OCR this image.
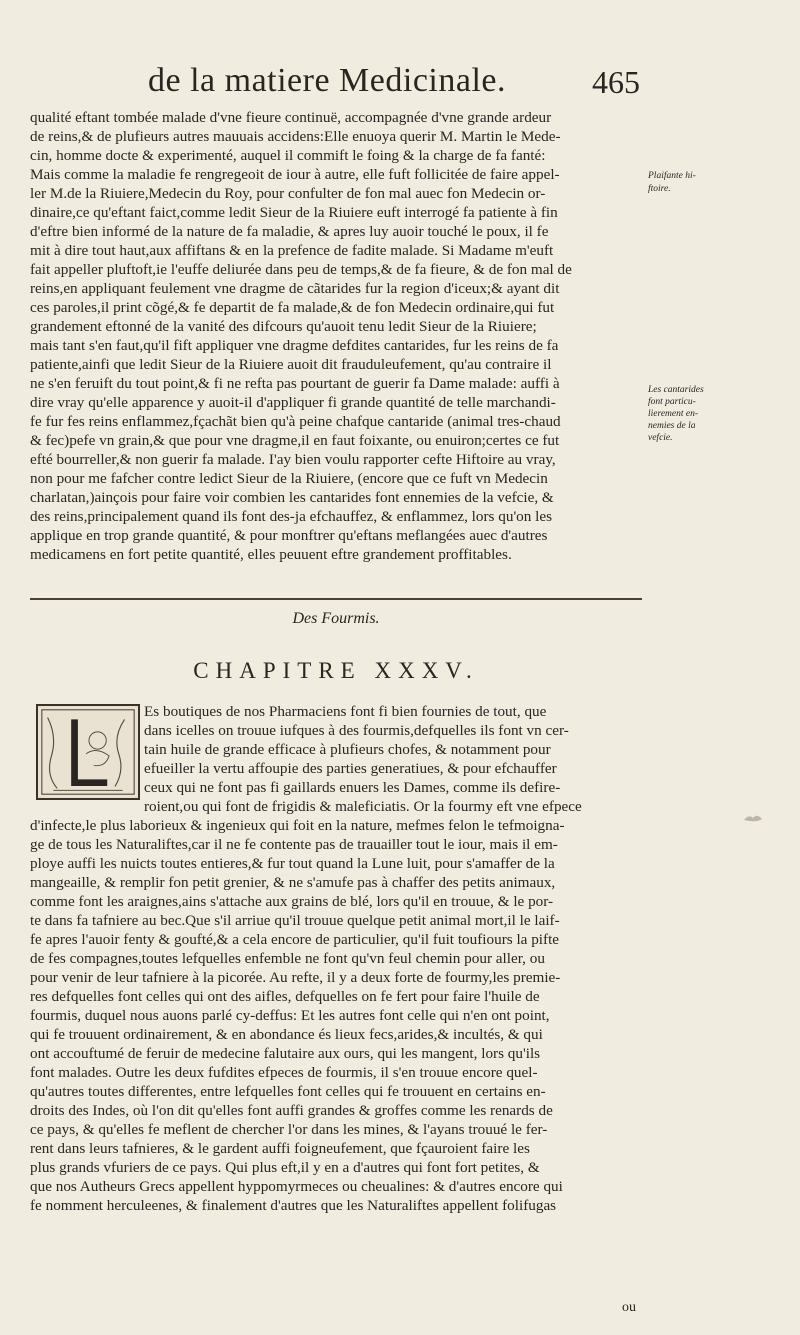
de la matiere Medicinale.	465
qualité eftant tombée malade d'vne fieure continuë, accompagnée d'vne grande ardeur
de reins,& de plufieurs autres mauuais accidens:Elle enuoya querir M. Martin le Mede-
cin, homme docte & experimenté, auquel il commift le foing & la charge de fa fanté:
Mais comme la maladie fe rengregeoit de iour à autre, elle fuft follicitée de faire appel-
ler M.de la Riuiere,Medecin du Roy, pour confulter de fon mal auec fon Medecin or-
dinaire,ce qu'eftant faict,comme ledit Sieur de la Riuiere euft interrogé fa patiente à fin
d'eftre bien informé de la nature de fa maladie, & apres luy auoir touché le poux, il fe
mit à dire tout haut,aux affiftans & en la prefence de fadite malade. Si Madame m'euft
fait appeller pluftoft,ie l'euffe deliurée dans peu de temps,& de fa fieure, & de fon mal de
reins,en appliquant feulement vne dragme de cãtarides fur la region d'iceux;& ayant dit
ces paroles,il print cõgé,& fe departit de fa malade,& de fon Medecin ordinaire,qui fut
grandement eftonné de la vanité des difcours qu'auoit tenu ledit Sieur de la Riuiere;
mais tant s'en faut,qu'il fift appliquer vne dragme defdites cantarides, fur les reins de fa
patiente,ainfi que ledit Sieur de la Riuiere auoit dit frauduleufement, qu'au contraire il
ne s'en feruift du tout point,& fi ne refta pas pourtant de guerir fa Dame malade: auffi à
dire vray qu'elle apparence y auoit-il d'appliquer fi grande quantité de telle marchandi-
fe fur fes reins enflammez,fçachãt bien qu'à peine chafque cantaride (animal tres-chaud
& fec)pefe vn grain,& que pour vne dragme,il en faut foixante, ou enuiron;certes ce fut
efté bourreller,& non guerir fa malade. I'ay bien voulu rapporter cefte Hiftoire au vray,
non pour me fafcher contre ledict Sieur de la Riuiere, (encore que ce fuft vn Medecin
charlatan,)ainçois pour faire voir combien les cantarides font ennemies de la vefcie, &
des reins,principalement quand ils font des-ja efchauffez, & enflammez, lors qu'on les
applique en trop grande quantité, & pour monftrer qu'eftans meflangées auec d'autres
medicamens en fort petite quantité, elles peuuent eftre grandement proffitables.
Plaifante hi-
ftoire.
Les cantarides
font particu-
lierement en-
nemies de la
vefcie.
Des Fourmis.
CHAPITRE XXXV.
Es boutiques de nos Pharmaciens font fi bien fournies de tout, que
dans icelles on trouue iufques à des fourmis,defquelles ils font vn cer-
tain huile de grande efficace à plufieurs chofes, & notamment pour
efueiller la vertu affoupie des parties generatiues, & pour efchauffer
ceux qui ne font pas fi gaillards enuers les Dames, comme ils defire-
roient,ou qui font de frigidis & maleficiatis. Or la fourmy eft vne efpece
d'infecte,le plus laborieux & ingenieux qui foit en la nature, mefmes felon le tefmoigna-
ge de tous les Naturaliftes,car il ne fe contente pas de trauailler tout le iour, mais il em-
ploye auffi les nuicts toutes entieres,& fur tout quand la Lune luit, pour s'amaffer de la
mangeaille, & remplir fon petit grenier, & ne s'amufe pas à chaffer des petits animaux,
comme font les araignes,ains s'attache aux grains de blé, lors qu'il en trouue, & le por-
te dans fa tafniere au bec.Que s'il arriue qu'il trouue quelque petit animal mort,il le laif-
fe apres l'auoir fenty & goufté,& a cela encore de particulier, qu'il fuit toufiours la pifte
de fes compagnes,toutes lefquelles enfemble ne font qu'vn feul chemin pour aller, ou
pour venir de leur tafniere à la picorée. Au refte, il y a deux forte de fourmy,les premie-
res defquelles font celles qui ont des aifles, defquelles on fe fert pour faire l'huile de
fourmis, duquel nous auons parlé cy-deffus: Et les autres font celle qui n'en ont point,
qui fe trouuent ordinairement, & en abondance és lieux fecs,arides,& incultés, & qui
ont accouftumé de feruir de medecine falutaire aux ours, qui les mangent, lors qu'ils
font malades. Outre les deux fufdites efpeces de fourmis, il s'en trouue encore quel-
qu'autres toutes differentes, entre lefquelles font celles qui fe trouuent en certains en-
droits des Indes, où l'on dit qu'elles font auffi grandes & groffes comme les renards de
ce pays, & qu'elles fe meflent de chercher l'or dans les mines, & l'ayans trouué le fer-
rent dans leurs tafnieres, & le gardent auffi foigneufement, que fçauroient faire les
plus grands vfuriers de ce pays. Qui plus eft,il y en a d'autres qui font fort petites, &
que nos Autheurs Grecs appellent hyppomyrmeces ou cheualines: & d'autres encore qui
fe nomment herculeenes, & finalement d'autres que les Naturaliftes appellent folifugas
ou
